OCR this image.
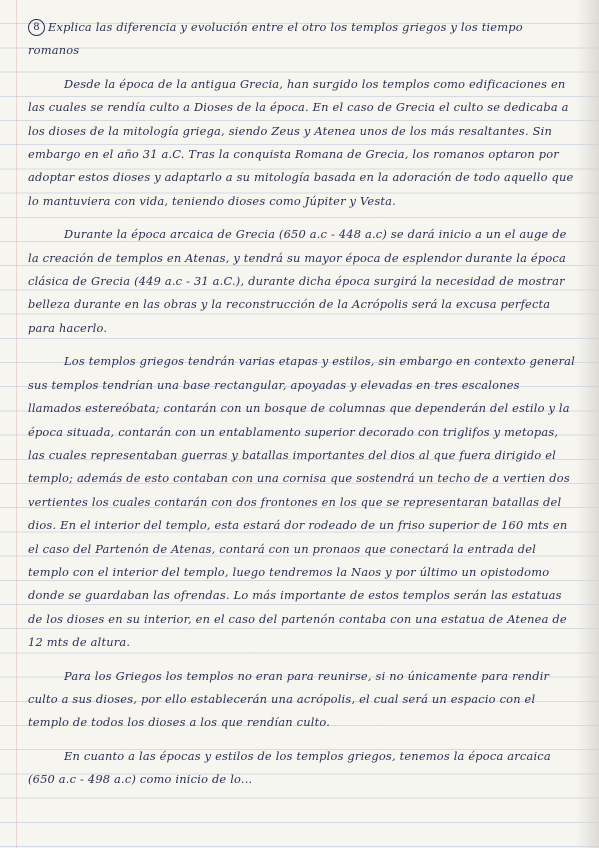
8 Explica las diferencia y evolución entre el otro los templos griegos y los tiempo romanos

Desde la época de la antigua Grecia, han surgido los templos como edificaciones en las cuales se rendía culto a Dioses de la época. En el caso de Grecia el culto se dedicaba a los dioses de la mitología griega, siendo Zeus y Atenea unos de los más resaltantes. Sin embargo en el año 31 a.C. Tras la conquista Romana de Grecia, los romanos optaron por adoptar estos dioses y adaptarlo a su mitología basada en la adoración de todo aquello que lo mantuviera con vida, teniendo dioses como Júpiter y Vesta.

Durante la época arcaica de Grecia (650 a.c - 448 a.c) se dará inicio a un el auge de la creación de templos en Atenas, y tendrá su mayor época de esplendor durante la época clásica de Grecia (449 a.c - 31 a.C.), durante dicha época surgirá la necesidad de mostrar belleza durante en las obras y la reconstrucción de la Acrópolis será la excusa perfecta para hacerlo.

Los templos griegos tendrán varias etapas y estilos, sin embargo en contexto general sus templos tendrían una base rectangular, apoyadas y elevadas en tres escalones llamados estereóbata; contarán con un bosque de columnas que dependerán del estilo y la época situada, contarán con un entablamento superior decorado con triglifos y metopas, las cuales representaban guerras y batallas importantes del dios al que fuera dirigido el templo; además de esto contaban con una cornisa que sostendrá un techo de a vertien dos vertientes los cuales contarán con dos frontones en los que se representaran batallas del dios. En el interior del templo, esta estará dor rodeado de un friso superior de 160 mts en el caso del Partenón de Atenas, contará con un pronaos que conectará la entrada del templo con el interior del templo, luego tendremos la Naos y por último un opistodomo donde se guardaban las ofrendas. Lo más importante de estos templos serán las estatuas de los dioses en su interior, en el caso del partenón contaba con una estatua de Atenea de 12 mts de altura.

Para los Griegos los templos no eran para reunirse, si no únicamente para rendir culto a sus dioses, por ello establecerán una acrópolis, el cual será un espacio con el templo de todos los dioses a los que rendían culto.

En cuanto a las épocas y estilos de los templos griegos, tenemos la época arcaica (650 a.c - 498 a.c) como inicio de lo...
